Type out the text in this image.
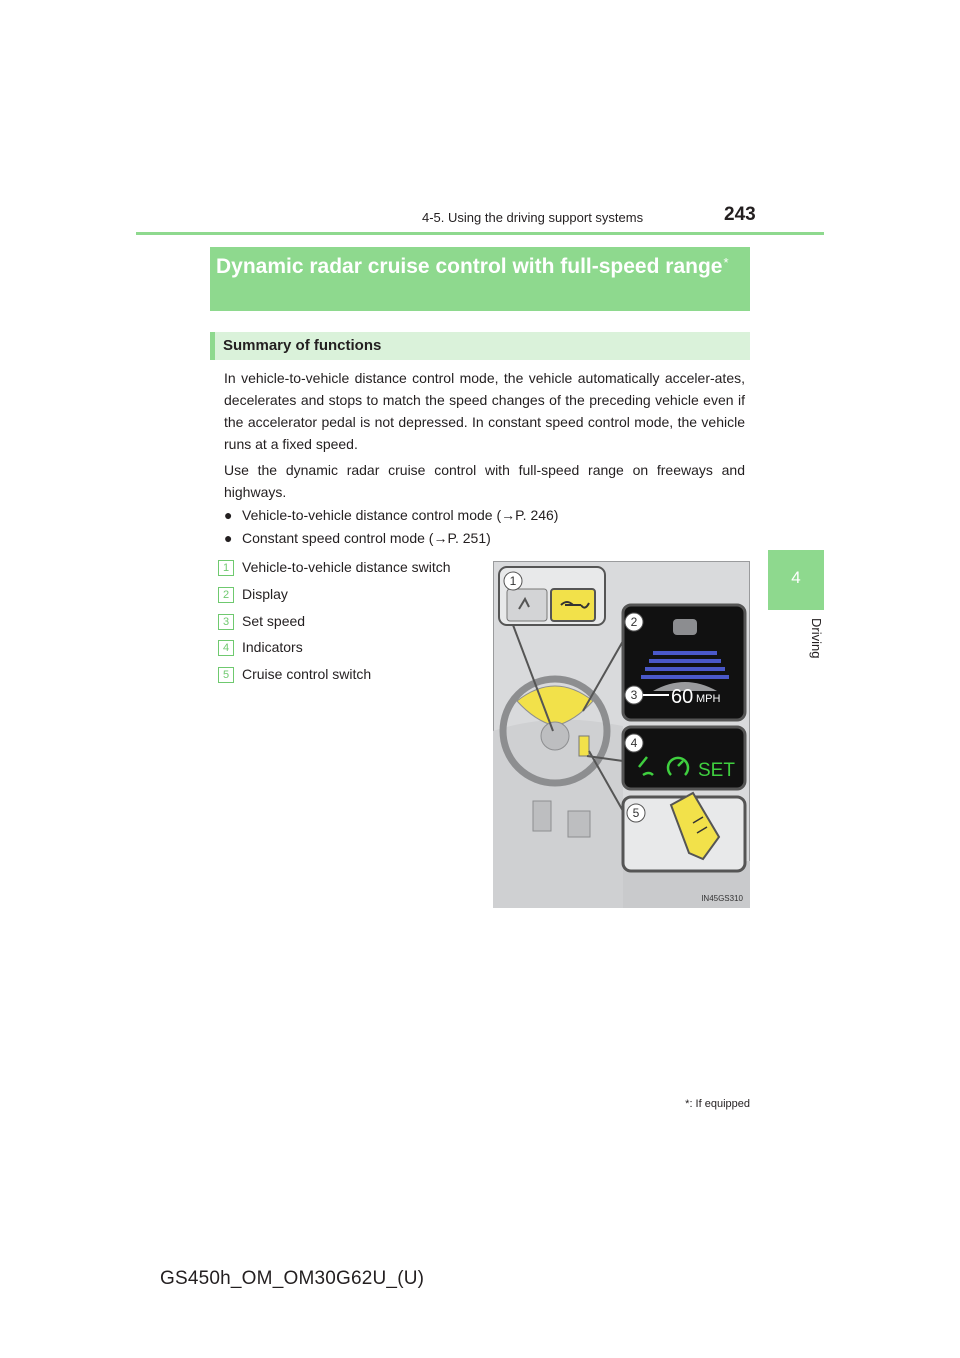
4-5. Using the driving support systems	243
4
Driving
Dynamic radar cruise control with full-speed range*
Summary of functions
In vehicle-to-vehicle distance control mode, the vehicle automatically acceler-ates, decelerates and stops to match the speed changes of the preceding vehicle even if the accelerator pedal is not depressed. In constant speed control mode, the vehicle runs at a fixed speed.
Use the dynamic radar cruise control with full-speed range on freeways and highways.
● Vehicle-to-vehicle distance control mode (→P. 246)
● Constant speed control mode (→P. 251)
1 Vehicle-to-vehicle distance switch
2 Display
3 Set speed
4 Indicators
5 Cruise control switch
1
2
3 60 MPH
4
SET
5
IN45GS310
*: If equipped
GS450h_OM_OM30G62U_(U)
